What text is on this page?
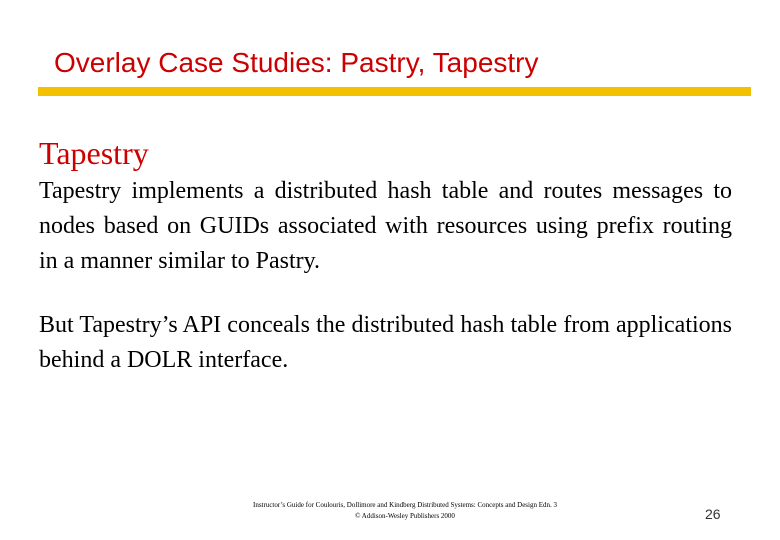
Overlay Case Studies: Pastry, Tapestry
Tapestry

Tapestry implements a distributed hash table and routes messages to nodes based on GUIDs associated with resources using prefix routing in a manner similar to Pastry.

But Tapestry’s API conceals the distributed hash table from applications behind a DOLR interface.

Instructor’s Guide for Coulouris, Dollimore and Kindberg Distributed Systems: Concepts and Design Edn. 3
© Addison-Wesley Publishers 2000	26
